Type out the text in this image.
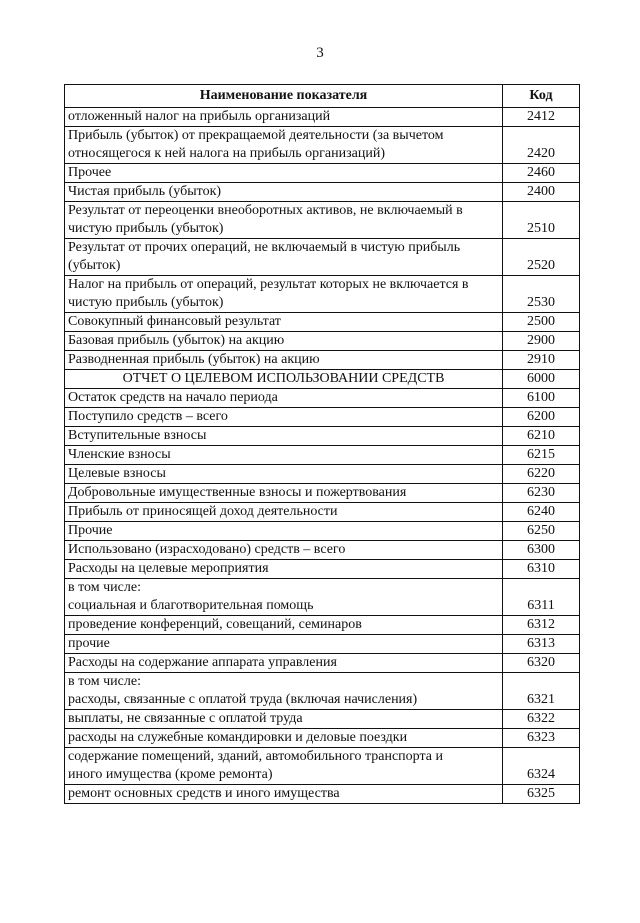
3
Наименование показателя	Код

отложенный налог на прибыль организаций	2412

Прибыль (убыток) от прекращаемой деятельности (за вычетом
относящегося к ней налога на прибыль организаций)	2420

Прочее	2460

Чистая прибыль (убыток)	2400

Результат от переоценки внеоборотных активов, не включаемый в
чистую прибыль (убыток)	2510

Результат от прочих операций, не включаемый в чистую прибыль
(убыток)	2520

Налог на прибыль от операций, результат которых не включается в
чистую прибыль (убыток)	2530

Совокупный финансовый результат	2500

Базовая прибыль (убыток) на акцию	2900

Разводненная прибыль (убыток) на акцию	2910

ОТЧЕТ О ЦЕЛЕВОМ ИСПОЛЬЗОВАНИИ СРЕДСТВ	6000

Остаток средств на начало периода	6100

Поступило средств – всего	6200

Вступительные взносы	6210

Членские взносы	6215

Целевые взносы	6220

Добровольные имущественные взносы и пожертвования	6230

Прибыль от приносящей доход деятельности	6240

Прочие	6250

Использовано (израсходовано) средств – всего	6300

Расходы на целевые мероприятия	6310

в том числе:
социальная и благотворительная помощь	6311

проведение конференций, совещаний, семинаров	6312

прочие	6313

Расходы на содержание аппарата управления	6320

в том числе:
расходы, связанные с оплатой труда (включая начисления)	6321

выплаты, не связанные с оплатой труда	6322

расходы на служебные командировки и деловые поездки	6323

содержание помещений, зданий, автомобильного транспорта и
иного имущества (кроме ремонта)	6324

ремонт основных средств и иного имущества	6325
